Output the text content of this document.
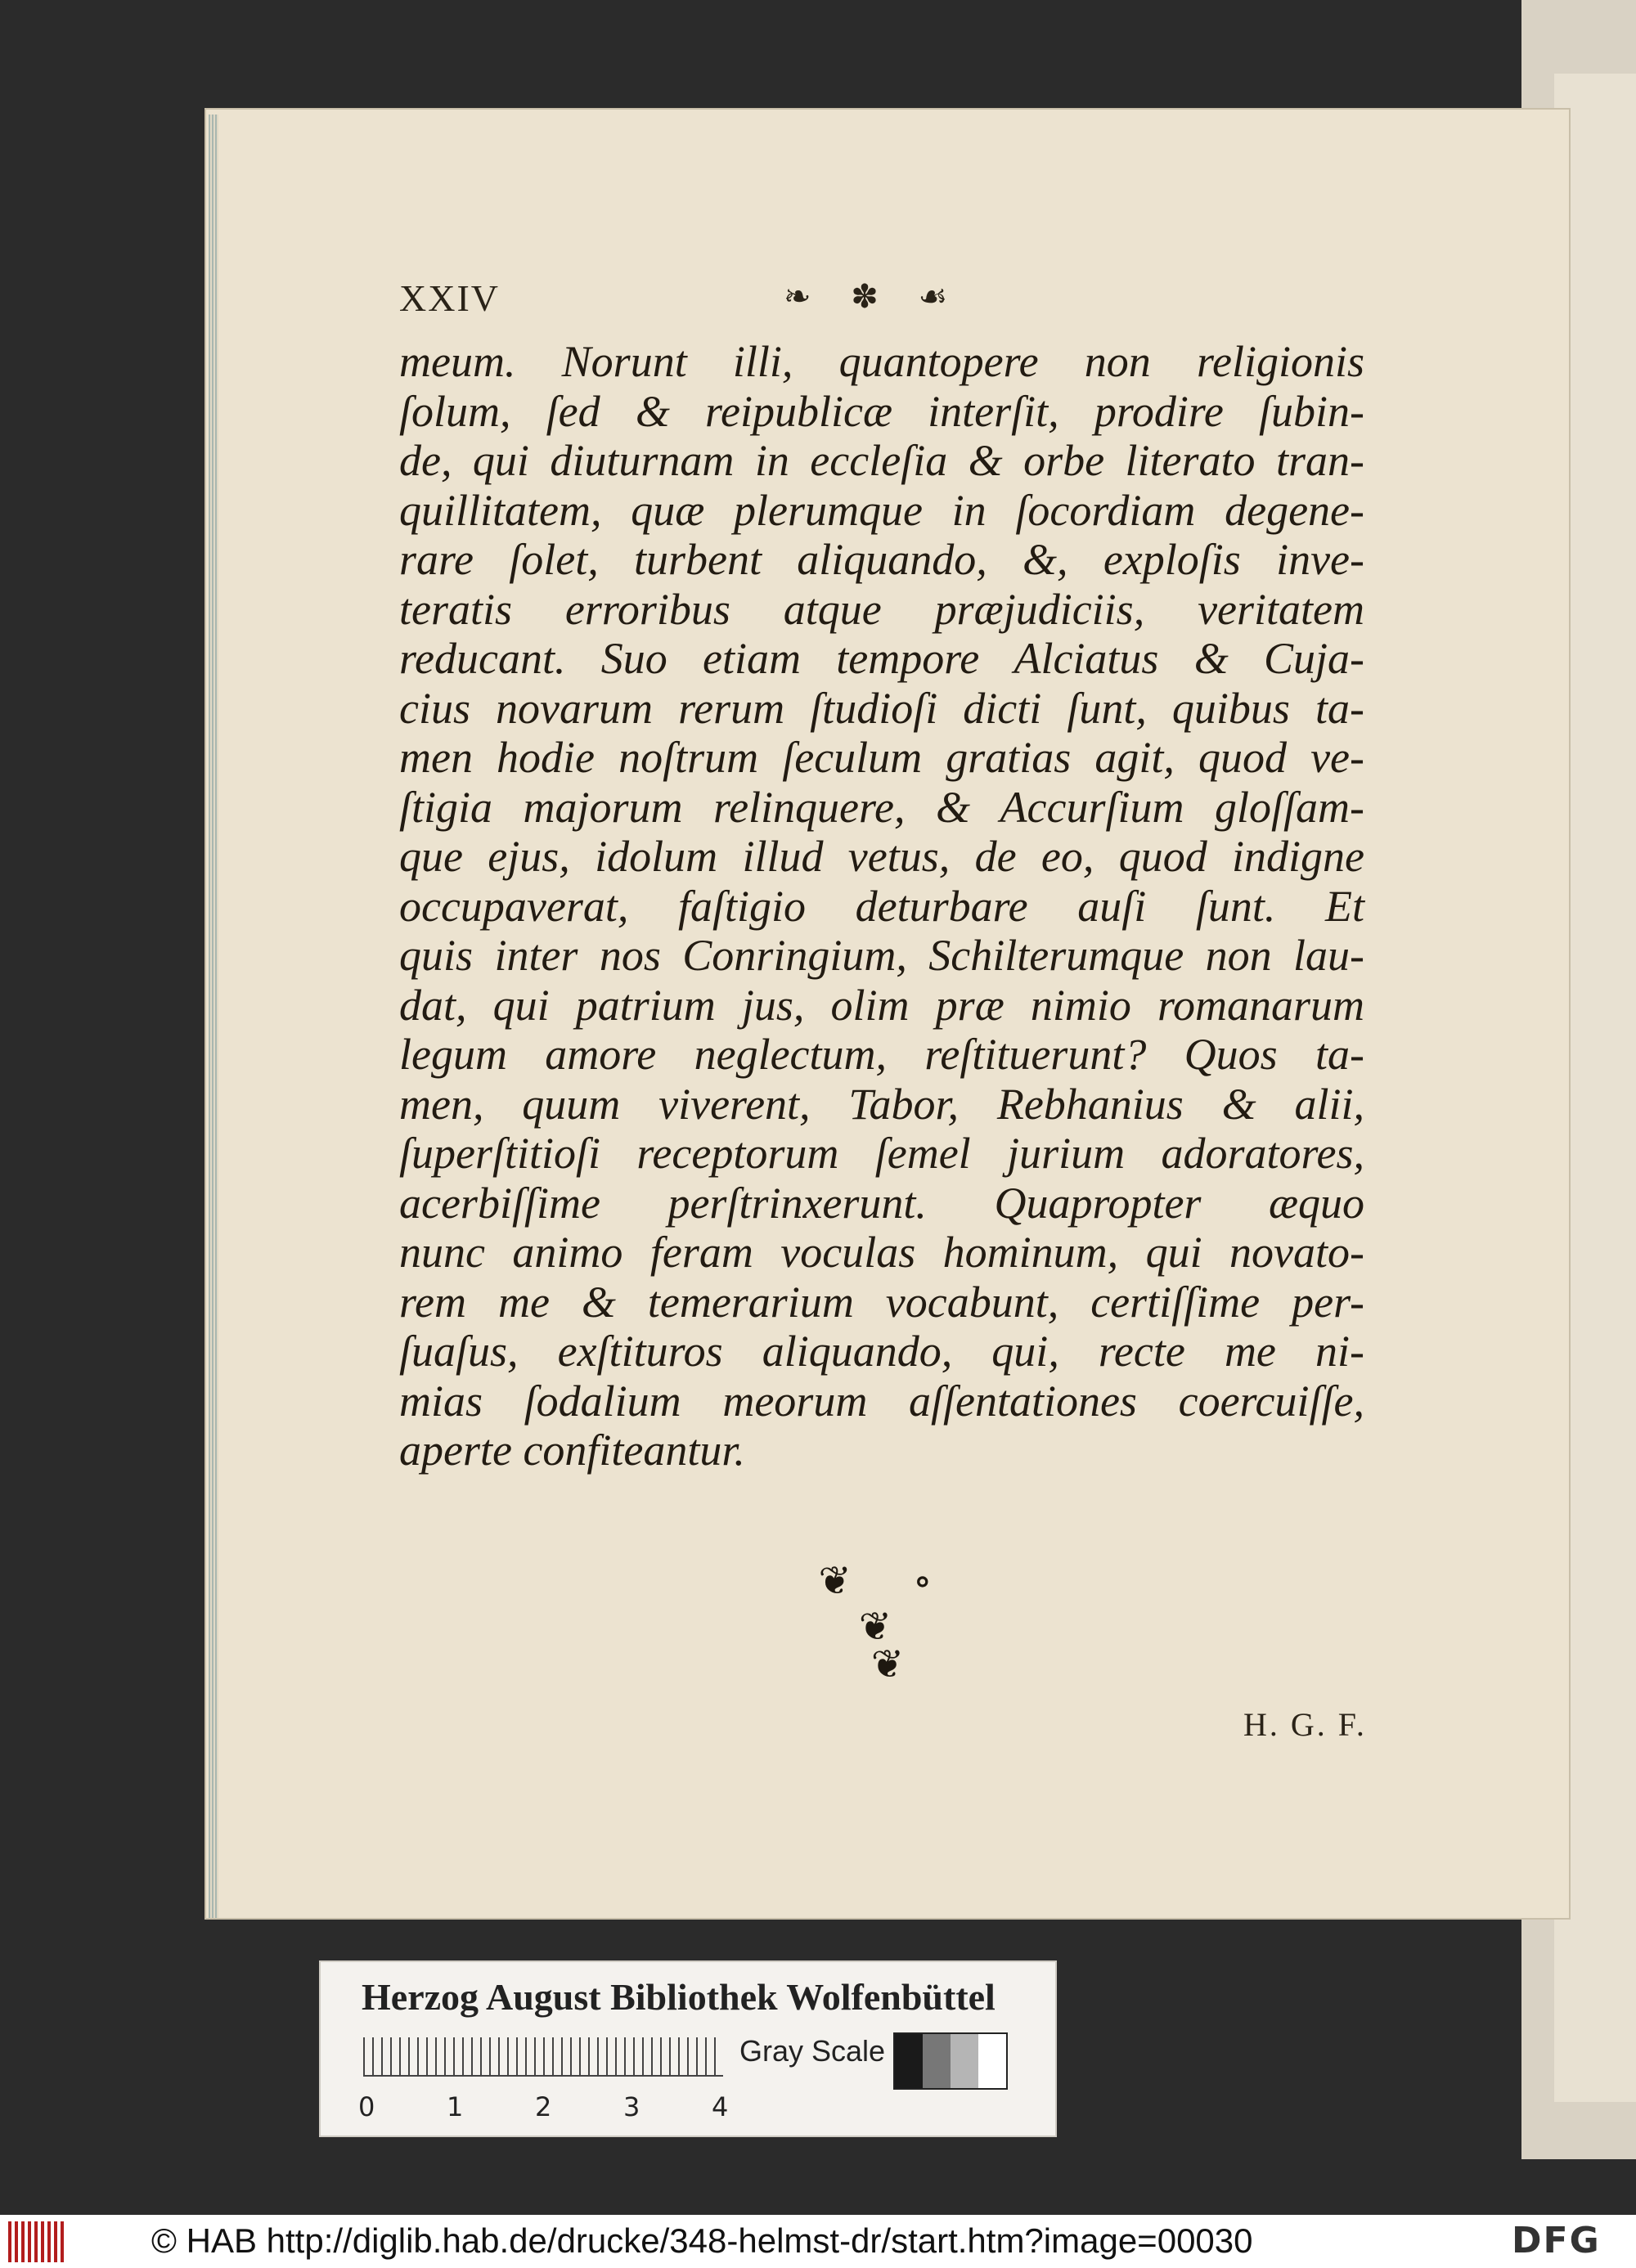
XXIV	❧ ✽ ☙
meum. Norunt illi, quantopere non religionis
ſolum, ſed & reipublicæ interſit, prodire ſubin-
de, qui diuturnam in eccleſia & orbe literato tran-
quillitatem, quæ plerumque in ſocordiam degene-
rare ſolet, turbent aliquando, &, exploſis inve-
teratis erroribus atque præjudiciis, veritatem
reducant. Suo etiam tempore Alciatus & Cuja-
cius novarum rerum ſtudioſi dicti ſunt, quibus ta-
men hodie noſtrum ſeculum gratias agit, quod ve-
ſtigia majorum relinquere, & Accurſium gloſſam-
que ejus, idolum illud vetus, de eo, quod indigne
occupaverat, faſtigio deturbare auſi ſunt. Et
quis inter nos Conringium, Schilterumque non lau-
dat, qui patrium jus, olim præ nimio romanarum
legum amore neglectum, reſtituerunt? Quos ta-
men, quum viverent, Tabor, Rebhanius & alii,
ſuperſtitioſi receptorum ſemel jurium adoratores,
acerbiſſime perſtrinxerunt. Quapropter æquo
nunc animo feram voculas hominum, qui novato-
rem me & temerarium vocabunt, certiſſime per-
ſuaſus, exſtituros aliquando, qui, recte me ni-
mias ſodalium meorum aſſentationes coercuiſſe,
aperte confiteantur.
❦ ∘ ❦
❦
H. G. F.
Herzog August Bibliothek Wolfenbüttel
0	1	2	3	4
Gray Scale
© HAB http://diglib.hab.de/drucke/348-helmst-dr/start.htm?image=00030	DFG
